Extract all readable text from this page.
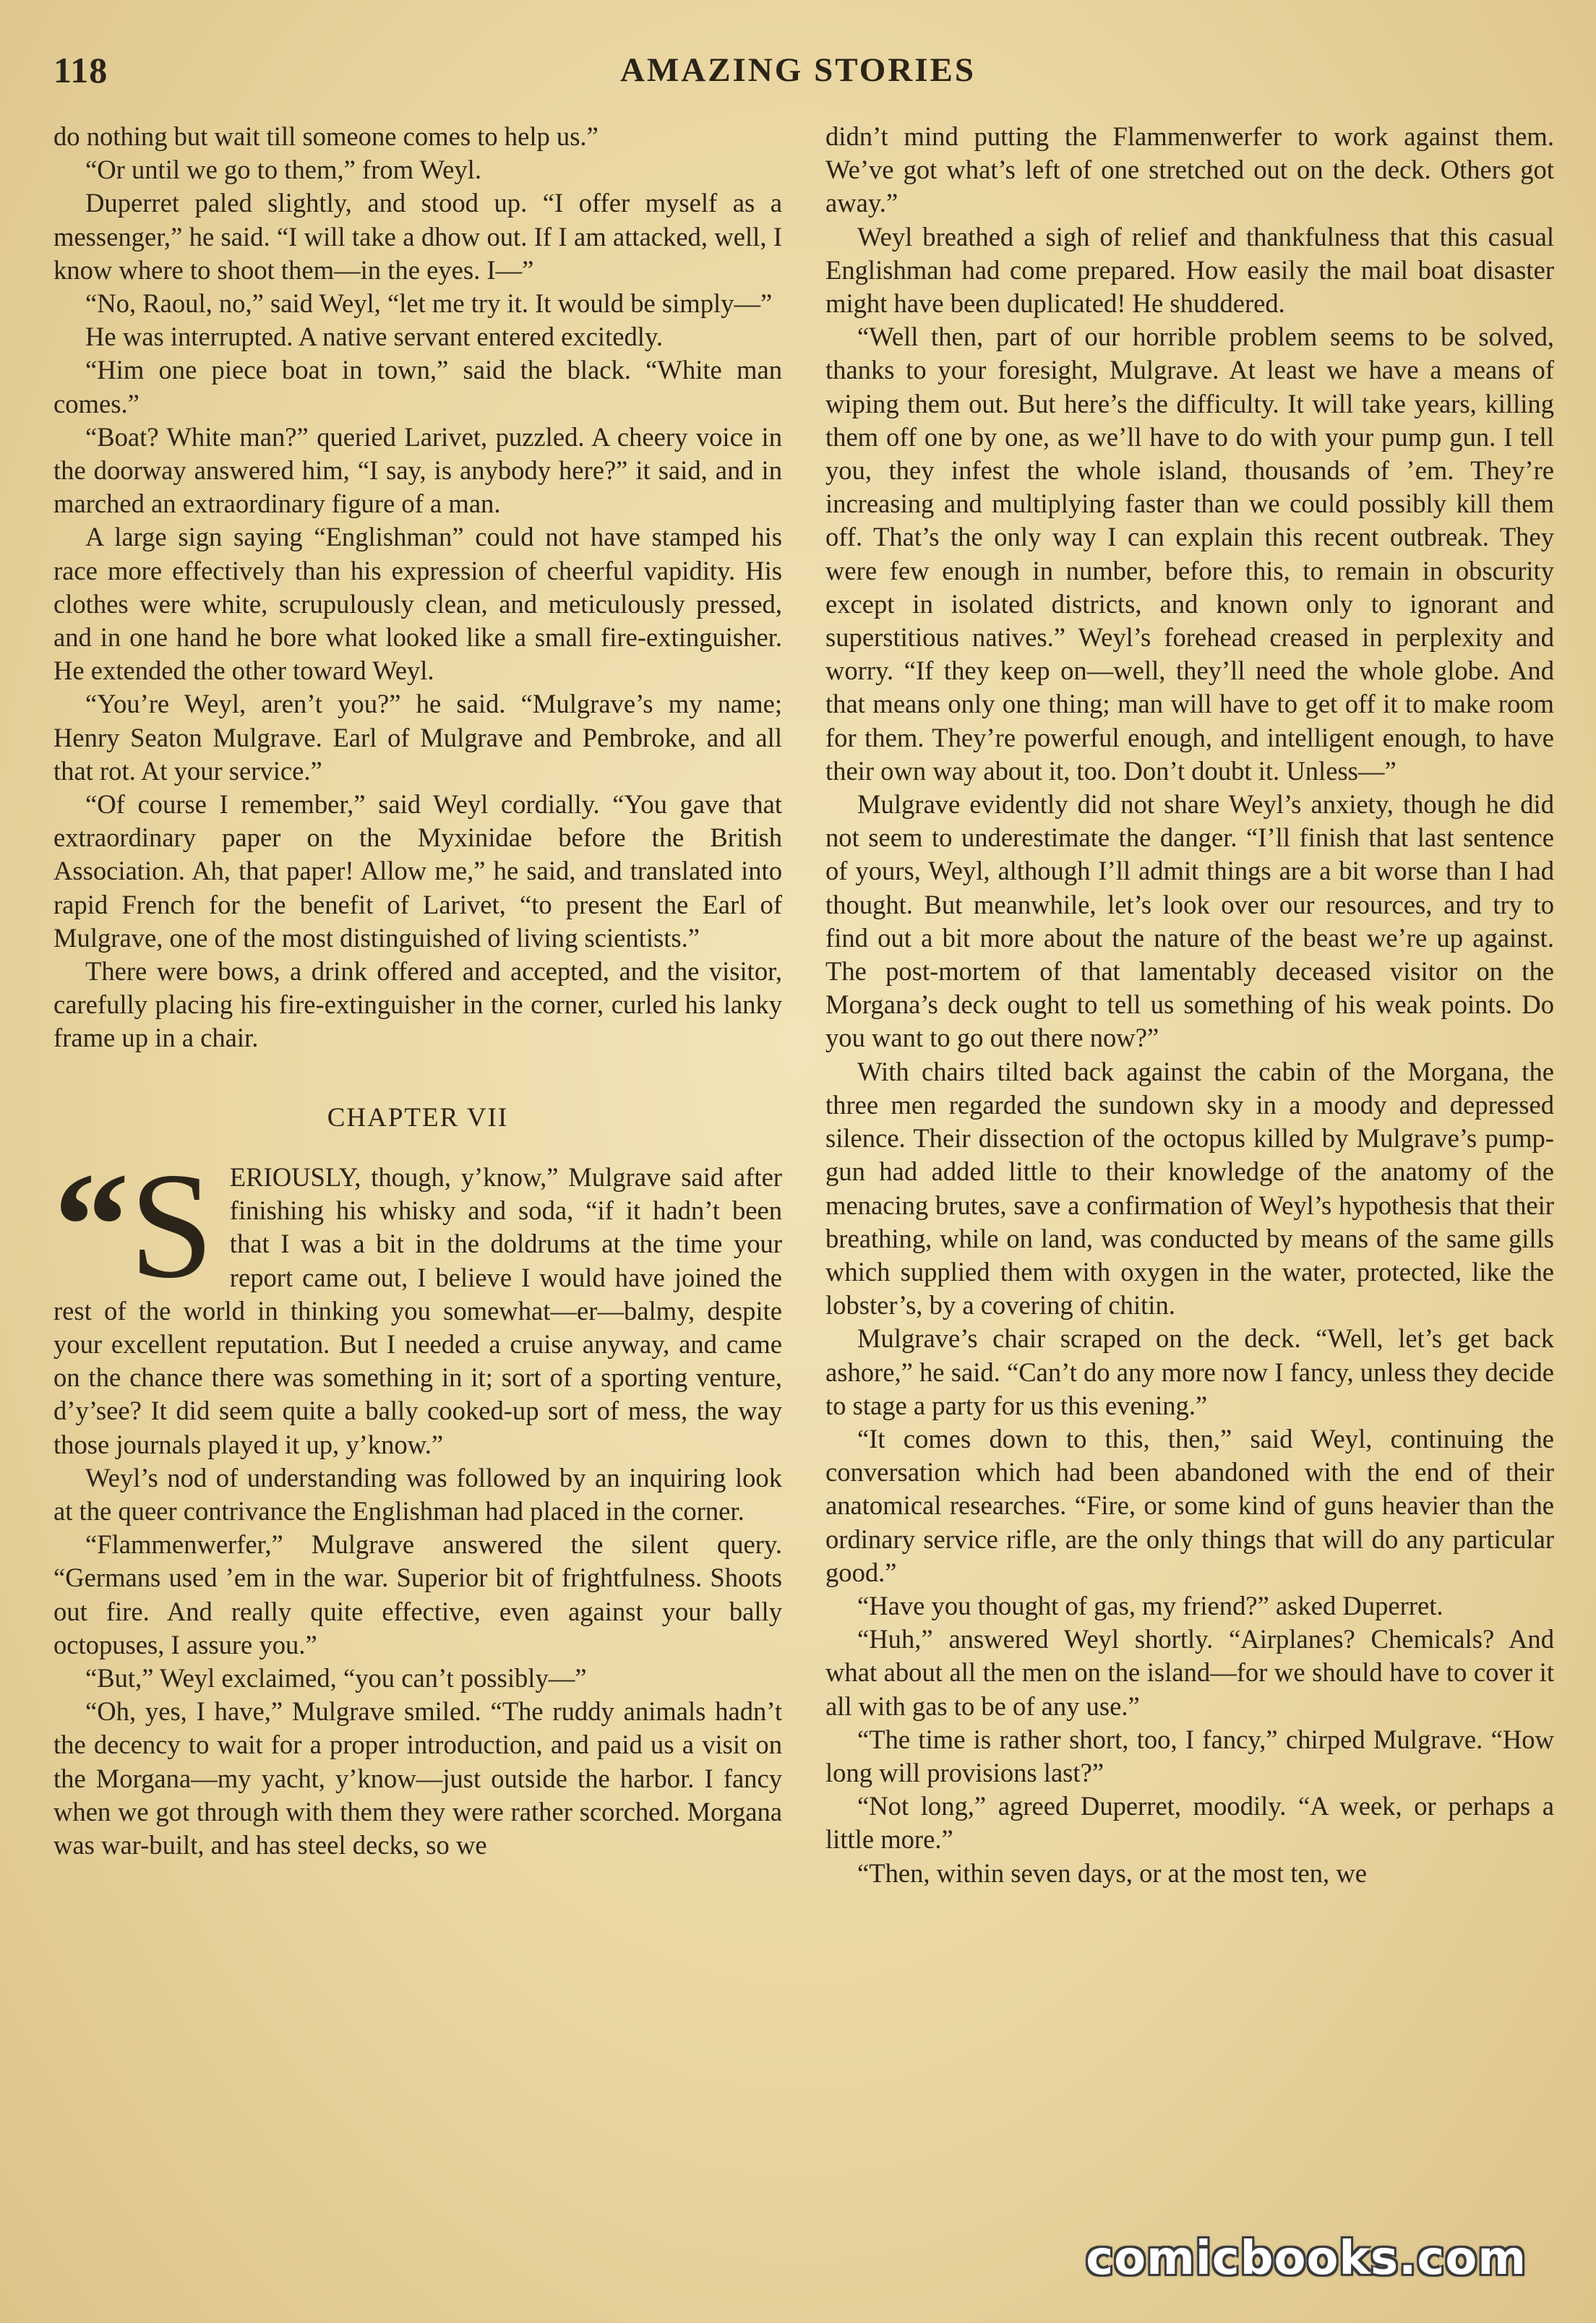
118	AMAZING STORIES

do nothing but wait till someone comes to help us.”

“Or until we go to them,” from Weyl.

Duperret paled slightly, and stood up. “I offer myself as a messenger,” he said. “I will take a dhow out. If I am attacked, well, I know where to shoot them—in the eyes. I—”

“No, Raoul, no,” said Weyl, “let me try it. It would be simply—”

He was interrupted. A native servant entered excitedly.

“Him one piece boat in town,” said the black. “White man comes.”

“Boat? White man?” queried Larivet, puzzled. A cheery voice in the doorway answered him, “I say, is anybody here?” it said, and in marched an extraordinary figure of a man.

A large sign saying “Englishman” could not have stamped his race more effectively than his expression of cheerful vapidity. His clothes were white, scrupulously clean, and meticulously pressed, and in one hand he bore what looked like a small fire-extinguisher. He extended the other toward Weyl.

“You’re Weyl, aren’t you?” he said. “Mulgrave’s my name; Henry Seaton Mulgrave. Earl of Mulgrave and Pembroke, and all that rot. At your service.”

“Of course I remember,” said Weyl cordially. “You gave that extraordinary paper on the Myxinidae before the British Association. Ah, that paper! Allow me,” he said, and translated into rapid French for the benefit of Larivet, “to present the Earl of Mulgrave, one of the most distinguished of living scientists.”

There were bows, a drink offered and accepted, and the visitor, carefully placing his fire-extinguisher in the corner, curled his lanky frame up in a chair.

CHAPTER VII

“S ERIOUSLY, though, y’know,” Mulgrave said after finishing his whisky and soda, “if it hadn’t been that I was a bit in the doldrums at the time your report came out, I believe I would have joined the rest of the world in thinking you somewhat—er—balmy, despite your excellent reputation. But I needed a cruise anyway, and came on the chance there was something in it; sort of a sporting venture, d’y’see? It did seem quite a bally cooked-up sort of mess, the way those journals played it up, y’know.”

Weyl’s nod of understanding was followed by an inquiring look at the queer contrivance the Englishman had placed in the corner.

“Flammenwerfer,” Mulgrave answered the silent query. “Germans used ’em in the war. Superior bit of frightfulness. Shoots out fire. And really quite effective, even against your bally octopuses, I assure you.”

“But,” Weyl exclaimed, “you can’t possibly—”

“Oh, yes, I have,” Mulgrave smiled. “The ruddy animals hadn’t the decency to wait for a proper introduction, and paid us a visit on the Morgana—my yacht, y’know—just outside the harbor. I fancy when we got through with them they were rather scorched. Morgana was war-built, and has steel decks, so we

didn’t mind putting the Flammenwerfer to work against them. We’ve got what’s left of one stretched out on the deck. Others got away.”

Weyl breathed a sigh of relief and thankfulness that this casual Englishman had come prepared. How easily the mail boat disaster might have been duplicated! He shuddered.

“Well then, part of our horrible problem seems to be solved, thanks to your foresight, Mulgrave. At least we have a means of wiping them out. But here’s the difficulty. It will take years, killing them off one by one, as we’ll have to do with your pump gun. I tell you, they infest the whole island, thousands of ’em. They’re increasing and multiplying faster than we could possibly kill them off. That’s the only way I can explain this recent outbreak. They were few enough in number, before this, to remain in obscurity except in isolated districts, and known only to ignorant and superstitious natives.” Weyl’s forehead creased in perplexity and worry. “If they keep on—well, they’ll need the whole globe. And that means only one thing; man will have to get off it to make room for them. They’re powerful enough, and intelligent enough, to have their own way about it, too. Don’t doubt it. Unless—”

Mulgrave evidently did not share Weyl’s anxiety, though he did not seem to underestimate the danger. “I’ll finish that last sentence of yours, Weyl, although I’ll admit things are a bit worse than I had thought. But meanwhile, let’s look over our resources, and try to find out a bit more about the nature of the beast we’re up against. The post-mortem of that lamentably deceased visitor on the Morgana’s deck ought to tell us something of his weak points. Do you want to go out there now?”

With chairs tilted back against the cabin of the Morgana, the three men regarded the sundown sky in a moody and depressed silence. Their dissection of the octopus killed by Mulgrave’s pump-gun had added little to their knowledge of the anatomy of the menacing brutes, save a confirmation of Weyl’s hypothesis that their breathing, while on land, was conducted by means of the same gills which supplied them with oxygen in the water, protected, like the lobster’s, by a covering of chitin.

Mulgrave’s chair scraped on the deck. “Well, let’s get back ashore,” he said. “Can’t do any more now I fancy, unless they decide to stage a party for us this evening.”

“It comes down to this, then,” said Weyl, continuing the conversation which had been abandoned with the end of their anatomical researches. “Fire, or some kind of guns heavier than the ordinary service rifle, are the only things that will do any particular good.”

“Have you thought of gas, my friend?” asked Duperret.

“Huh,” answered Weyl shortly. “Airplanes? Chemicals? And what about all the men on the island—for we should have to cover it all with gas to be of any use.”

“The time is rather short, too, I fancy,” chirped Mulgrave. “How long will provisions last?”

“Not long,” agreed Duperret, moodily. “A week, or perhaps a little more.”

“Then, within seven days, or at the most ten, we

comicbooks.com
